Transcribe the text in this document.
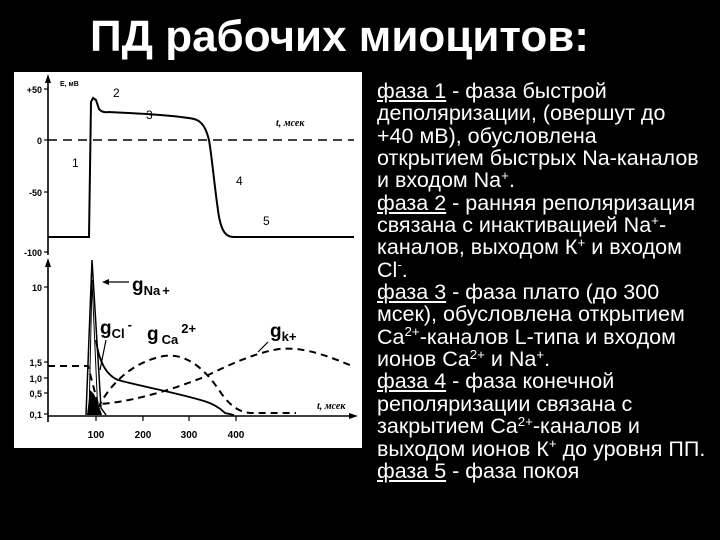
ПД рабочих миоцитов:
+50
0
-50
-100
E, мВ
t, мсек
1
2
3
4
5
10
1,5
1,0
0,5
0,1
100	200	300	400
t, мсек
$g_{Na}$ +
$g_{Cl}^-$ g $_{Ca}^{2+}$	$g_k+$
фаза 1 - фаза быстрой
деполяризации, (овершут до
+40 мВ), обусловлена
открытием быстрых Na-каналов
и входом Na+.
фаза 2 - ранняя реполяризация
связана с инактивацией Na+-
каналов, выходом К+ и входом
Cl-.
фаза 3 - фаза плато (до 300
мсек), обусловлена открытием
$Ca^{2+}$-каналов L-типа и входом
ионов $Ca^{2+}$ и Na+.
фаза 4 - фаза конечной
реполяризации связана с
закрытием $Ca^{2+}$-каналов и
выходом ионов К+ до уровня ПП.
фаза 5 - фаза покоя
